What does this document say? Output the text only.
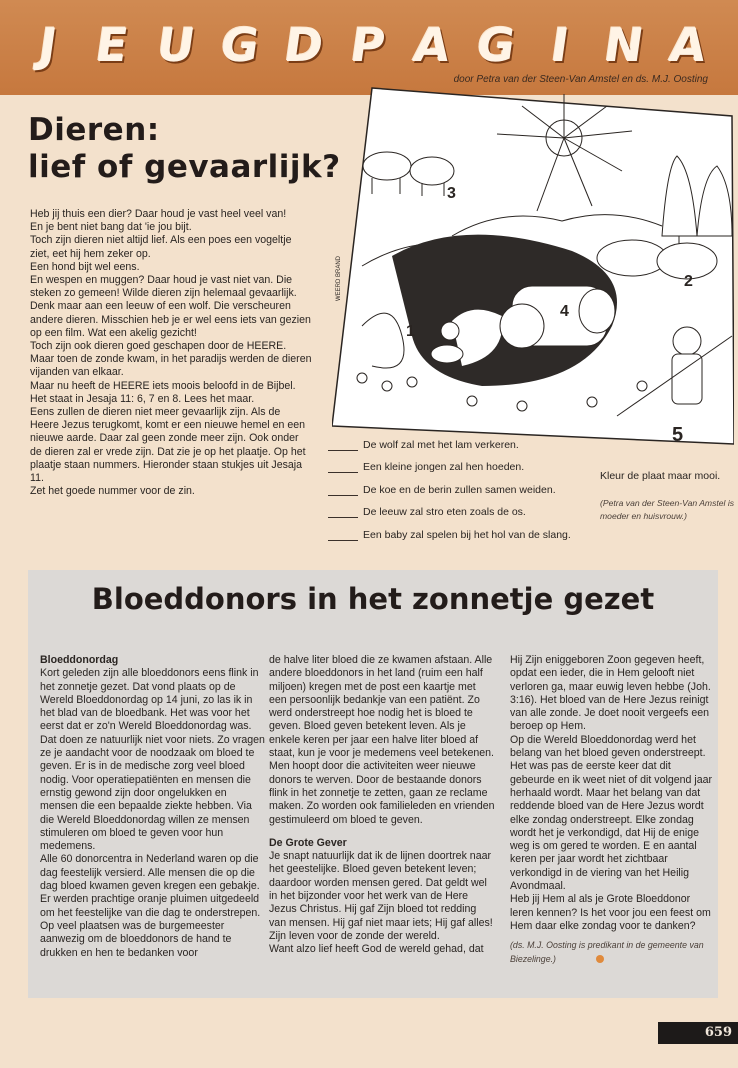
J E U G D P A G I N A
door Petra van der Steen-Van Amstel en ds. M.J. Oosting
Dieren:
lief of gevaarlijk?

Heb jij thuis een dier? Daar houd je vast heel veel van!

En je bent niet bang dat 'ie jou bijt.

Toch zijn dieren niet altijd lief. Als een poes een vogeltje ziet, eet hij hem zeker op.

Een hond bijt wel eens.

En wespen en muggen? Daar houd je vast niet van. Die steken zo gemeen! Wilde dieren zijn helemaal gevaarlijk. Denk maar aan een leeuw of een wolf. Die verscheuren andere dieren. Misschien heb je er wel eens iets van gezien op een film. Wat een akelig gezicht!

Toch zijn ook dieren goed geschapen door de HEERE. Maar toen de zonde kwam, in het paradijs werden de dieren vijanden van elkaar.

Maar nu heeft de HEERE iets moois beloofd in de Bijbel. Het staat in Jesaja 11: 6, 7 en 8. Lees het maar.

Eens zullen de dieren niet meer gevaarlijk zijn. Als de Heere Jezus terugkomt, komt er een nieuwe hemel en een nieuwe aarde. Daar zal geen zonde meer zijn. Ook onder de dieren zal er vrede zijn. Dat zie je op het plaatje. Op het plaatje staan nummers. Hieronder staan stukjes uit Jesaja 11.

Zet het goede nummer voor de zin.

1
2
3
4
5
WEERD BRAND
De wolf zal met het lam verkeren.
Een kleine jongen zal hen hoeden.
De koe en de berin zullen samen weiden.
De leeuw zal stro eten zoals de os.
Een baby zal spelen bij het hol van de slang.
Kleur de plaat maar mooi.
(Petra van der Steen-Van Amstel is moeder en huisvrouw.)
Bloeddonors in het zonnetje gezet
Bloeddonordag

Kort geleden zijn alle bloeddonors eens flink in het zonnetje gezet. Dat vond plaats op de Wereld Bloeddonordag op 14 juni, zo las ik in het blad van de bloedbank. Het was voor het eerst dat er zo'n Wereld Bloeddonordag was. Dat doen ze natuurlijk niet voor niets. Zo vragen ze je aandacht voor de noodzaak om bloed te geven. Er is in de medische zorg veel bloed nodig. Voor operatiepatiënten en mensen die ernstig gewond zijn door ongelukken en mensen die een bepaalde ziekte hebben. Via die Wereld Bloeddonordag willen ze mensen stimuleren om bloed te geven voor hun medemens.

Alle 60 donorcentra in Nederland waren op die dag feestelijk versierd. Alle mensen die op die dag bloed kwamen geven kregen een gebakje. Er werden prachtige oranje pluimen uitgedeeld om het feestelijke van die dag te onderstrepen. Op veel plaatsen was de burgemeester aanwezig om de bloeddonors de hand te drukken en hen te bedanken voor

de halve liter bloed die ze kwamen afstaan. Alle andere bloeddonors in het land (ruim een half miljoen) kregen met de post een kaartje met een persoonlijk bedankje van een patiënt. Zo werd onderstreept hoe nodig het is bloed te geven. Bloed geven betekent leven. Als je enkele keren per jaar een halve liter bloed af staat, kun je voor je medemens veel betekenen. Men hoopt door die activiteiten weer nieuwe donors te werven. Door de bestaande donors flink in het zonnetje te zetten, gaan ze reclame maken. Zo worden ook familieleden en vrienden gestimuleerd om bloed te geven.

De Grote Gever

Je snapt natuurlijk dat ik de lijnen doortrek naar het geestelijke. Bloed geven betekent leven; daardoor worden mensen gered. Dat geldt wel in het bijzonder voor het werk van de Here Jezus Christus. Hij gaf Zijn bloed tot redding van mensen. Hij gaf niet maar iets; Hij gaf alles! Zijn leven voor de zonde der wereld.

Want alzo lief heeft God de wereld gehad, dat

Hij Zijn eniggeboren Zoon gegeven heeft, opdat een ieder, die in Hem gelooft niet verloren ga, maar euwig leven hebbe (Joh. 3:16). Het bloed van de Here Jezus reinigt van alle zonde. Je doet nooit vergeefs een beroep op Hem.

Op die Wereld Bloeddonordag werd het belang van het bloed geven onderstreept. Het was pas de eerste keer dat dit gebeurde en ik weet niet of dit volgend jaar herhaald wordt. Maar het belang van dat reddende bloed van de Here Jezus wordt elke zondag onderstreept. Elke zondag wordt het je verkondigd, dat Hij de enige weg is om gered te worden. E en aantal keren per jaar wordt het zichtbaar verkondigd in de viering van het Heilig Avondmaal.

Heb jij Hem al als je Grote Bloeddonor leren kennen? Is het voor jou een feest om Hem daar elke zondag voor te danken?

(ds. M.J. Oosting is predikant in de gemeente van Biezelinge.)

659
